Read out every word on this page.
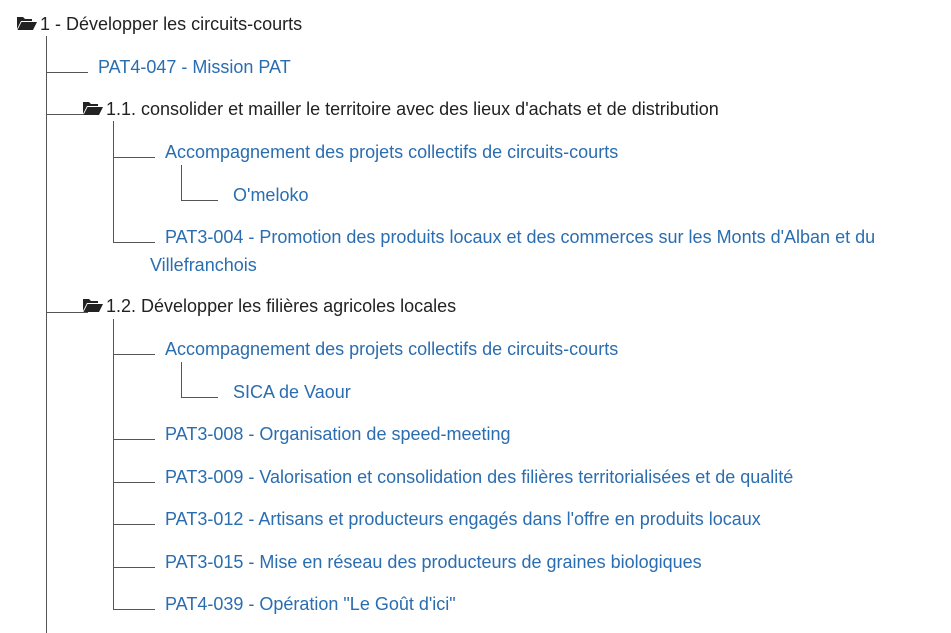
1 - Développer les circuits-courts
PAT4-047 - Mission PAT
1.1. consolider et mailler le territoire avec des lieux d'achats et de distribution
Accompagnement des projets collectifs de circuits-courts
O'meloko
PAT3-004 - Promotion des produits locaux et des commerces sur les Monts d'Alban et du Villefranchois
1.2. Développer les filières agricoles locales
Accompagnement des projets collectifs de circuits-courts
SICA de Vaour
PAT3-008 - Organisation de speed-meeting
PAT3-009 - Valorisation et consolidation des filières territorialisées et de qualité
PAT3-012 - Artisans et producteurs engagés dans l'offre en produits locaux
PAT3-015 - Mise en réseau des producteurs de graines biologiques
PAT4-039 - Opération "Le Goût d'ici"
